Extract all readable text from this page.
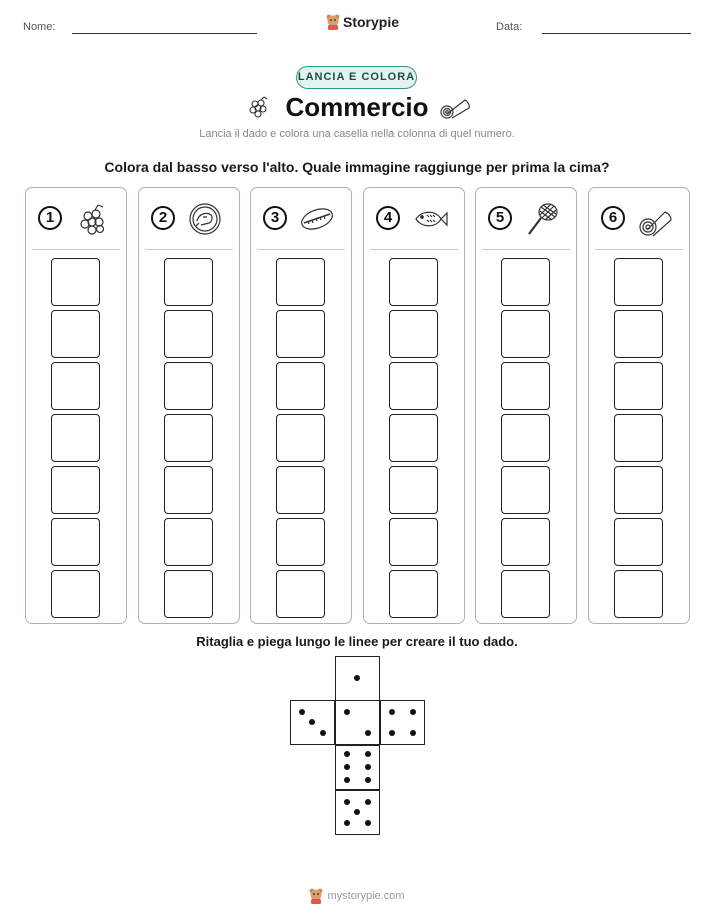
Nome:	Storypie	Data:
LANCIA E COLORA
Commercio
Lancia il dado e colora una casella nella colonna di quel numero.
Colora dal basso verso l'alto. Quale immagine raggiunge per prima la cima?
1	2	3	4	5	6
Ritaglia e piega lungo le linee per creare il tuo dado.
mystorypie.com
